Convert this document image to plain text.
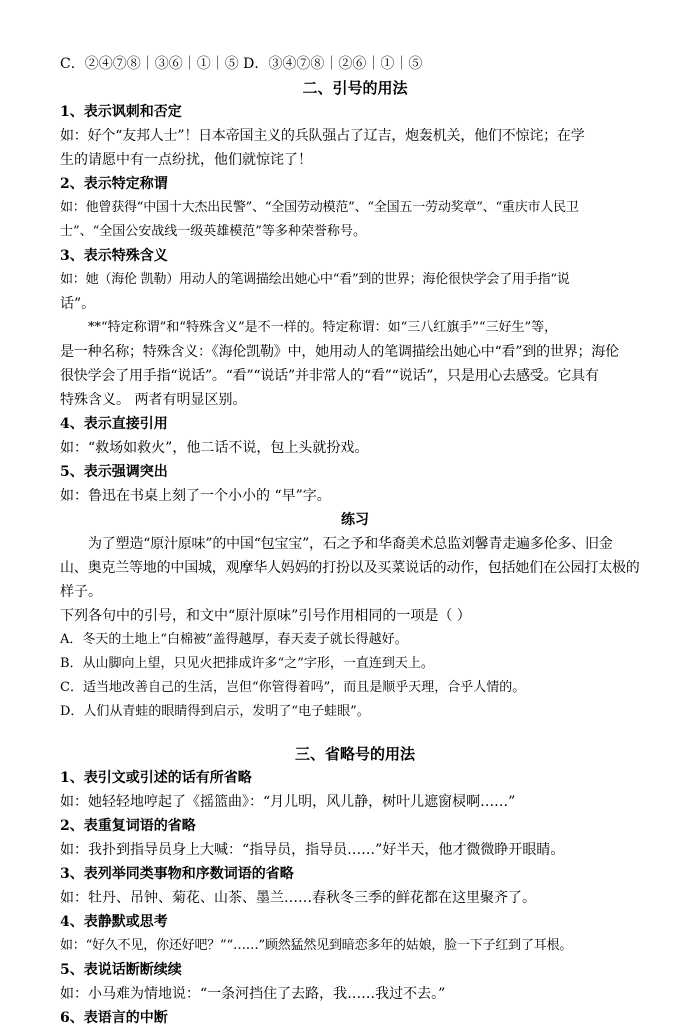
C．②④⑦⑧｜③⑥｜①｜⑤ D．③④⑦⑧｜②⑥｜①｜⑤
二、引号的用法
1、表示讽刺和否定
如：好个“友邦人士”！日本帝国主义的兵队强占了辽吉，炮轰机关，他们不惊诧；在学
生的请愿中有一点纷扰，他们就惊诧了！
2、表示特定称谓
如：他曾获得“中国十大杰出民警”、“全国劳动模范”、“全国五一劳动奖章”、“重庆市人民卫
士”、“全国公安战线一级英雄模范”等多种荣誉称号。
3、表示特殊含义
如：她（海伦 凯勒）用动人的笔调描绘出她心中“看”到的世界；海伦很快学会了用手指“说
话”。
**“特定称谓”和“特殊含义”是不一样的。特定称谓：如“三八红旗手”“三好生”等，
是一种名称；特殊含义：《海伦凯勒》中，她用动人的笔调描绘出她心中“看”到的世界；海伦
很快学会了用手指“说话”。“看”“说话”并非常人的“看”“说话”，只是用心去感受。它具有
特殊含义。 两者有明显区别。
4、表示直接引用
如：“救场如救火”，他二话不说，包上头就扮戏。
5、表示强调突出
如：鲁迅在书桌上刻了一个小小的 “早”字。
练习
为了塑造“原汁原味”的中国“包宝宝”，石之予和华裔美术总监刘馨青走遍多伦多、旧金
山、奥克兰等地的中国城，观摩华人妈妈的打扮以及买菜说话的动作，包括她们在公园打太极的
样子。
下列各句中的引号，和文中“原汁原味”引号作用相同的一项是（ ）
A．冬天的土地上“白棉被”盖得越厚，春天麦子就长得越好。
B．从山脚向上望，只见火把排成许多“之”字形，一直连到天上。
C．适当地改善自己的生活，岂但“你管得着吗”，而且是顺乎天理，合乎人情的。
D．人们从青蛙的眼睛得到启示，发明了“电子蛙眼”。
三、省略号的用法
1、表引文或引述的话有所省略
如：她轻轻地哼起了《摇篮曲》：“月儿明，风儿静，树叶儿遮窗棂啊……”
2、表重复词语的省略
如：我扑到指导员身上大喊：“指导员，指导员……”好半天，他才微微睁开眼睛。
3、表列举同类事物和序数词语的省略
如：牡丹、吊钟、菊花、山茶、墨兰……春秋冬三季的鲜花都在这里聚齐了。
4、表静默或思考
如：“好久不见，你还好吧？”“……”顾然猛然见到暗恋多年的姑娘，脸一下子红到了耳根。
5、表说话断断续续
如：小马难为情地说：“一条河挡住了去路，我……我过不去。”
6、表语言的中断
